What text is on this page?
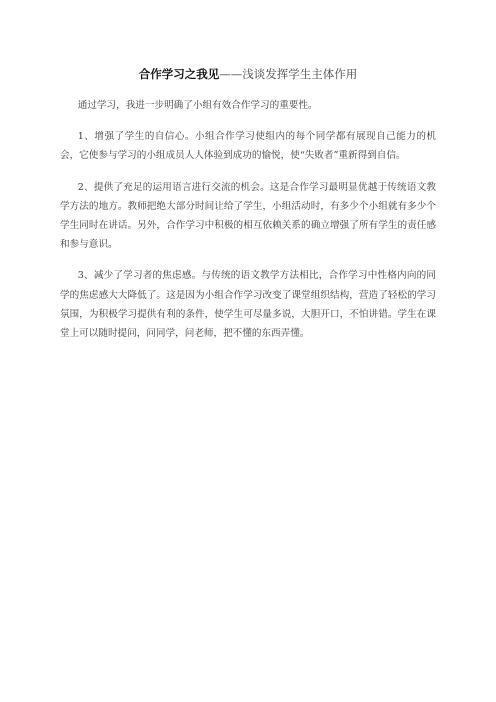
合作学习之我见——浅谈发挥学生主体作用

通过学习，我进一步明确了小组有效合作学习的重要性。

1、增强了学生的自信心。小组合作学习使组内的每个同学都有展现自己能力的机会，它使参与学习的小组成员人人体验到成功的愉悦，使“失败者”重新得到自信。

2、提供了充足的运用语言进行交流的机会。这是合作学习最明显优越于传统语文教学方法的地方。教师把绝大部分时间让给了学生，小组活动时，有多少个小组就有多少个学生同时在讲话。另外，合作学习中积极的相互依赖关系的确立增强了所有学生的责任感和参与意识。

3、减少了学习者的焦虑感。与传统的语文教学方法相比，合作学习中性格内向的同学的焦虑感大大降低了。这是因为小组合作学习改变了课堂组织结构，营造了轻松的学习氛围，为积极学习提供有利的条件，使学生可尽量多说，大胆开口，不怕讲错。学生在课堂上可以随时提问，问同学，问老师，把不懂的东西弄懂。
